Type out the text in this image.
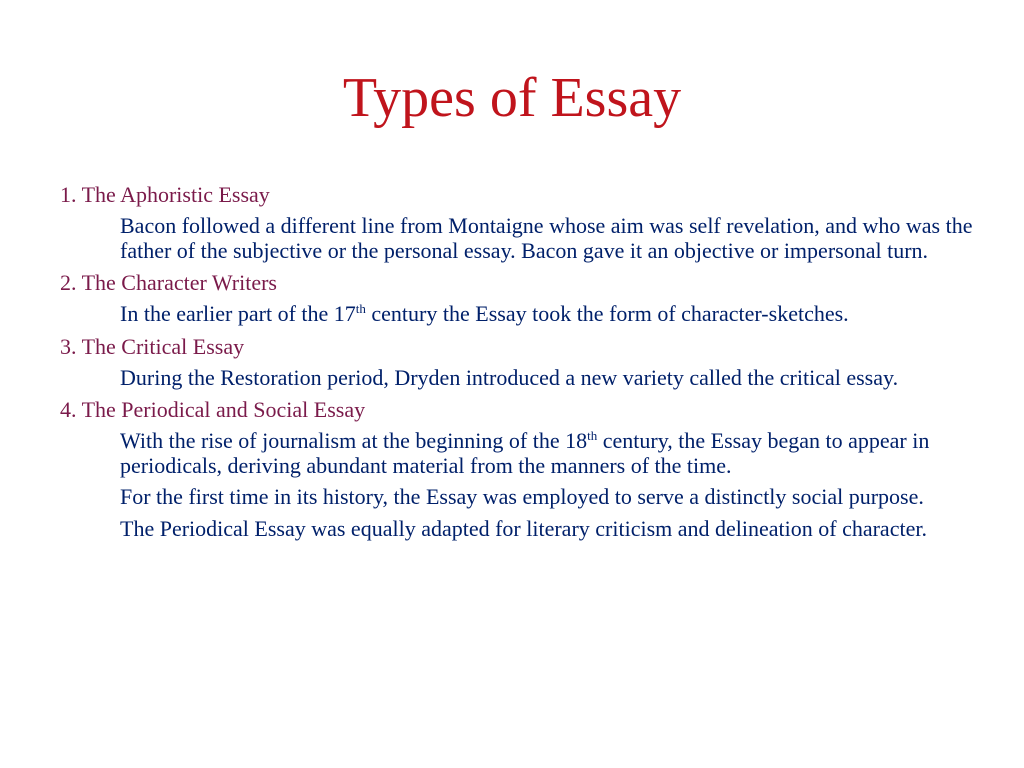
Types of Essay
1. The Aphoristic Essay
Bacon followed a different line from Montaigne whose aim was self revelation, and who was the father of the subjective or the personal essay. Bacon gave it an objective or impersonal turn.
2. The Character Writers
In the earlier part of the 17th century the Essay took the form of character-sketches.
3. The Critical Essay
During the Restoration period, Dryden introduced a new variety called the critical essay.
4. The Periodical and Social Essay
With the rise of journalism at the beginning of the 18th century, the Essay began to appear in periodicals, deriving abundant material from the manners of the time.
For the first time in its history, the Essay was employed to serve a distinctly social purpose.
The Periodical Essay was equally adapted for literary criticism and delineation of character.
